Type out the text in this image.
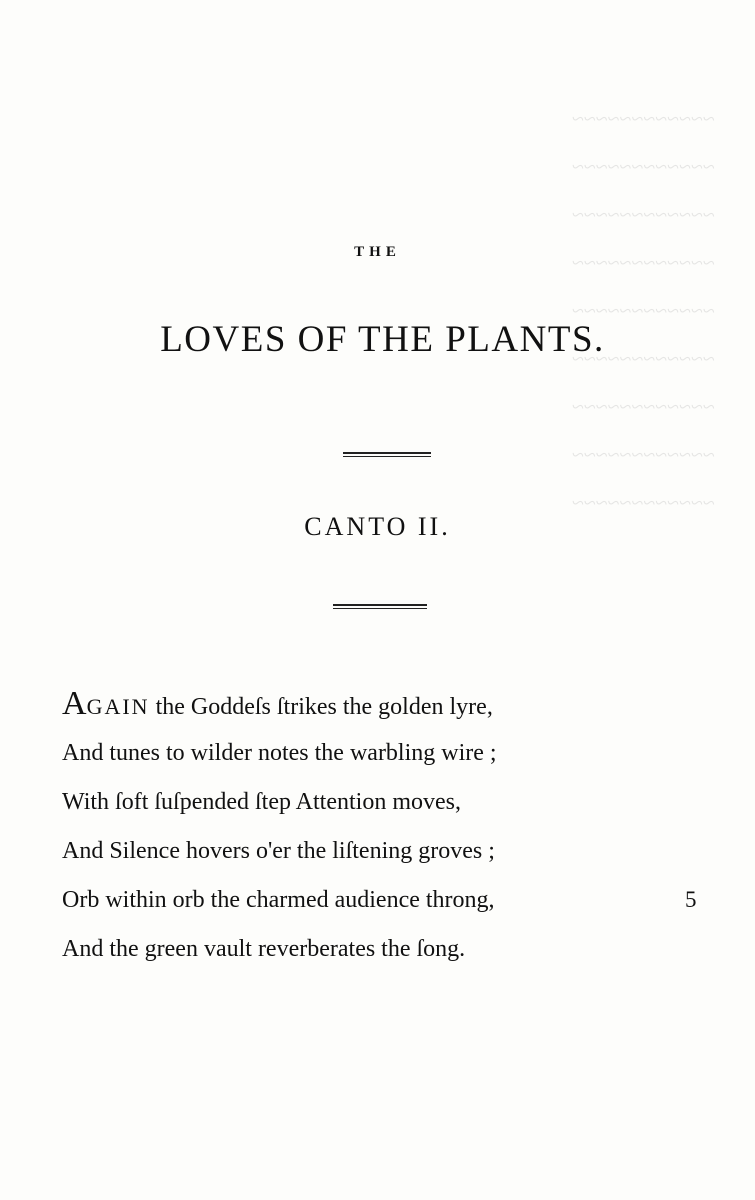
~~~~~~~~~~~~
~~~~~~~~~~~~
~~~~~~~~~~~~
~~~~~~~~~~~~
~~~~~~~~~~~~
~~~~~~~~~~~~
~~~~~~~~~~~~
~~~~~~~~~~~~
~~~~~~~~~~~~
THE
LOVES OF THE PLANTS.
CANTO II.
AGAIN the Goddeſs ſtrikes the golden lyre,
And tunes to wilder notes the warbling wire ;
With ſoft ſuſpended ſtep Attention moves,
And Silence hovers o'er the liſtening groves ;
Orb within orb the charmed audience throng,	5
And the green vault reverberates the ſong.
